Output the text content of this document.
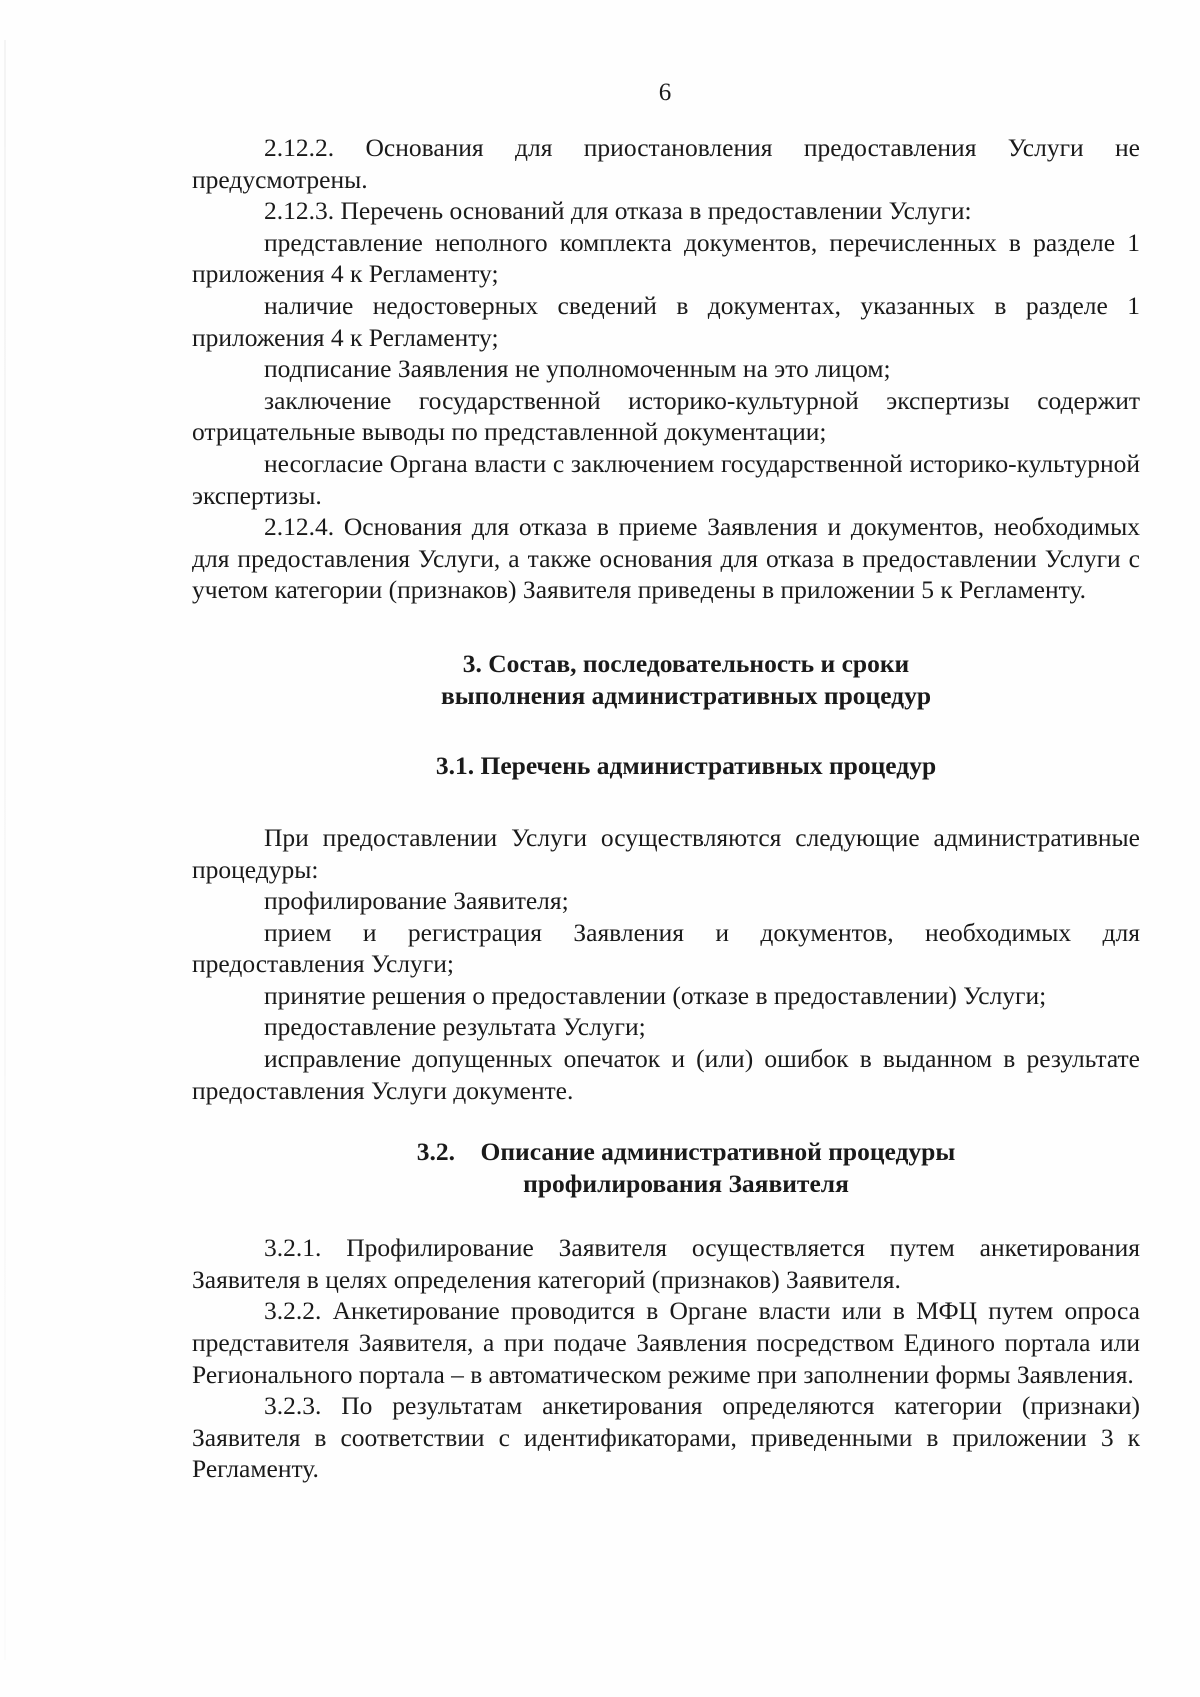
6

2.12.2. Основания для приостановления предоставления Услуги не предусмотрены.

2.12.3. Перечень оснований для отказа в предоставлении Услуги:

представление неполного комплекта документов, перечисленных в разделе 1 приложения 4 к Регламенту;

наличие недостоверных сведений в документах, указанных в разделе 1 приложения 4 к Регламенту;

подписание Заявления не уполномоченным на это лицом;

заключение государственной историко-культурной экспертизы содержит отрицательные выводы по представленной документации;

несогласие Органа власти с заключением государственной историко-культурной экспертизы.

2.12.4. Основания для отказа в приеме Заявления и документов, необходимых для предоставления Услуги, а также основания для отказа в предоставлении Услуги с учетом категории (признаков) Заявителя приведены в приложении 5 к Регламенту.

3. Состав, последовательность и сроки

выполнения административных процедур

3.1. Перечень административных процедур

При предоставлении Услуги осуществляются следующие административные процедуры:

профилирование Заявителя;

прием и регистрация Заявления и документов, необходимых для предоставления Услуги;

принятие решения о предоставлении (отказе в предоставлении) Услуги;

предоставление результата Услуги;

исправление допущенных опечаток и (или) ошибок в выданном в результате предоставления Услуги документе.

3.2.    Описание административной процедуры

профилирования Заявителя

3.2.1. Профилирование Заявителя осуществляется путем анкетирования Заявителя в целях определения категорий (признаков) Заявителя.

3.2.2. Анкетирование проводится в Органе власти или в МФЦ путем опроса представителя Заявителя, а при подаче Заявления посредством Единого портала или Регионального портала – в автоматическом режиме при заполнении формы Заявления.

3.2.3. По результатам анкетирования определяются категории (признаки) Заявителя в соответствии с идентификаторами, приведенными в приложении 3 к Регламенту.
